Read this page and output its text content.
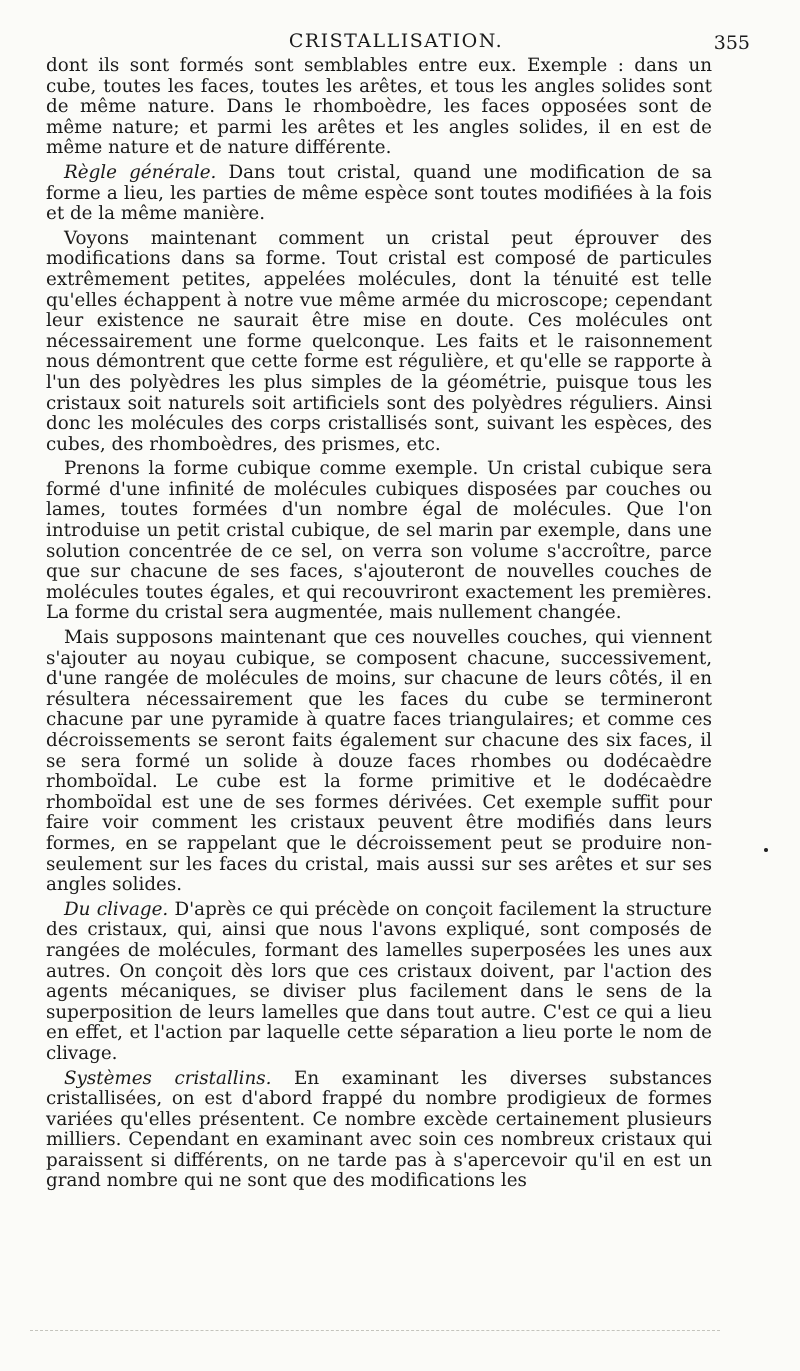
CRISTALLISATION.	355

dont ils sont formés sont semblables entre eux. Exemple : dans un cube, toutes les faces, toutes les arêtes, et tous les angles solides sont de même nature. Dans le rhomboèdre, les faces opposées sont de même nature; et parmi les arêtes et les angles solides, il en est de même nature et de nature différente.

Règle générale. Dans tout cristal, quand une modification de sa forme a lieu, les parties de même espèce sont toutes modifiées à la fois et de la même manière.

Voyons maintenant comment un cristal peut éprouver des modifications dans sa forme. Tout cristal est composé de particules extrêmement petites, appelées molécules, dont la ténuité est telle qu'elles échappent à notre vue même armée du microscope; cependant leur existence ne saurait être mise en doute. Ces molécules ont nécessairement une forme quelconque. Les faits et le raisonnement nous démontrent que cette forme est régulière, et qu'elle se rapporte à l'un des polyèdres les plus simples de la géométrie, puisque tous les cristaux soit naturels soit artificiels sont des polyèdres réguliers. Ainsi donc les molécules des corps cristallisés sont, suivant les espèces, des cubes, des rhomboèdres, des prismes, etc.

Prenons la forme cubique comme exemple. Un cristal cubique sera formé d'une infinité de molécules cubiques disposées par couches ou lames, toutes formées d'un nombre égal de molécules. Que l'on introduise un petit cristal cubique, de sel marin par exemple, dans une solution concentrée de ce sel, on verra son volume s'accroître, parce que sur chacune de ses faces, s'ajouteront de nouvelles couches de molécules toutes égales, et qui recouvriront exactement les premières. La forme du cristal sera augmentée, mais nullement changée.

Mais supposons maintenant que ces nouvelles couches, qui viennent s'ajouter au noyau cubique, se composent chacune, successivement, d'une rangée de molécules de moins, sur chacune de leurs côtés, il en résultera nécessairement que les faces du cube se termineront chacune par une pyramide à quatre faces triangulaires; et comme ces décroissements se seront faits également sur chacune des six faces, il se sera formé un solide à douze faces rhombes ou dodécaèdre rhomboïdal. Le cube est la forme primitive et le dodécaèdre rhomboïdal est une de ses formes dérivées. Cet exemple suffit pour faire voir comment les cristaux peuvent être modifiés dans leurs formes, en se rappelant que le décroissement peut se produire non-seulement sur les faces du cristal, mais aussi sur ses arêtes et sur ses angles solides.

Du clivage. D'après ce qui précède on conçoit facilement la structure des cristaux, qui, ainsi que nous l'avons expliqué, sont composés de rangées de molécules, formant des lamelles superposées les unes aux autres. On conçoit dès lors que ces cristaux doivent, par l'action des agents mécaniques, se diviser plus facilement dans le sens de la superposition de leurs lamelles que dans tout autre. C'est ce qui a lieu en effet, et l'action par laquelle cette séparation a lieu porte le nom de clivage.

Systèmes cristallins. En examinant les diverses substances cristallisées, on est d'abord frappé du nombre prodigieux de formes variées qu'elles présentent. Ce nombre excède certainement plusieurs milliers. Cependant en examinant avec soin ces nombreux cristaux qui paraissent si différents, on ne tarde pas à s'apercevoir qu'il en est un grand nombre qui ne sont que des modifications les
